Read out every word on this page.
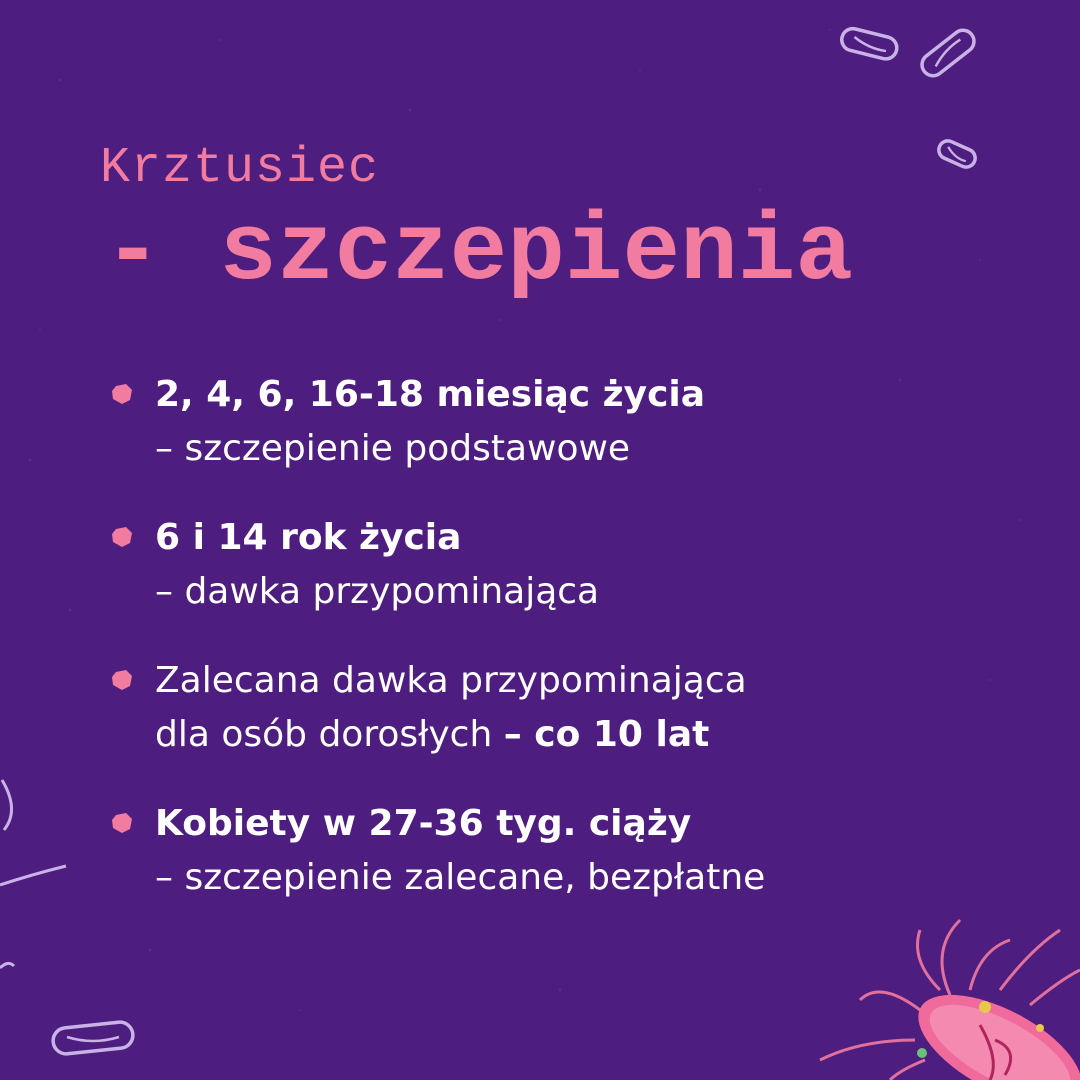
Krztusiec
- szczepienia
2, 4, 6, 16-18 miesiąc życia
– szczepienie podstawowe
6 i 14 rok życia
– dawka przypominająca
Zalecana dawka przypominająca
dla osób dorosłych – co 10 lat
Kobiety w 27-36 tyg. ciąży
– szczepienie zalecane, bezpłatne
